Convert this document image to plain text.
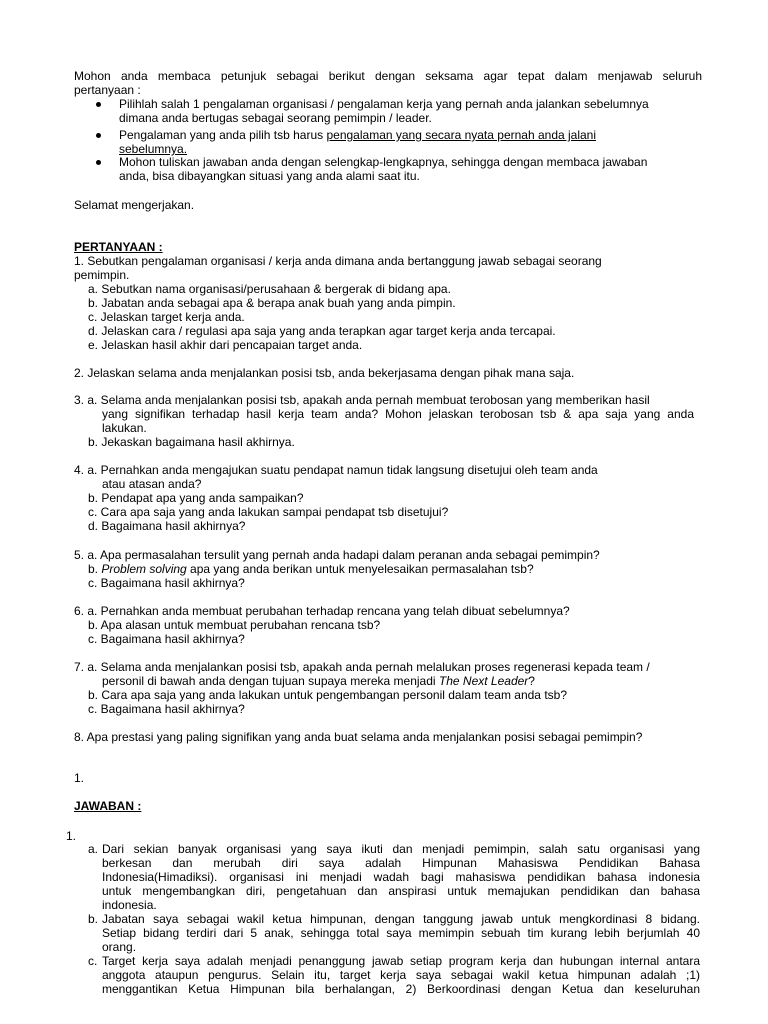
Mohon anda membaca petunjuk sebagai berikut dengan seksama agar tepat dalam menjawab seluruh
pertanyaan :
Pilihlah salah 1 pengalaman organisasi / pengalaman kerja yang pernah anda jalankan sebelumnya
dimana anda bertugas sebagai seorang pemimpin / leader.
Pengalaman yang anda pilih tsb harus pengalaman yang secara nyata pernah anda jalani
sebelumnya.
Mohon tuliskan jawaban anda dengan selengkap-lengkapnya, sehingga dengan membaca jawaban
anda, bisa dibayangkan situasi yang anda alami saat itu.
Selamat mengerjakan.
PERTANYAAN :
1. Sebutkan pengalaman organisasi / kerja anda dimana anda bertanggung jawab sebagai seorang
pemimpin.
a. Sebutkan nama organisasi/perusahaan & bergerak di bidang apa.
b. Jabatan anda sebagai apa & berapa anak buah yang anda pimpin.
c. Jelaskan target kerja anda.
d. Jelaskan cara / regulasi apa saja yang anda terapkan agar target kerja anda tercapai.
e. Jelaskan hasil akhir dari pencapaian target anda.
2. Jelaskan selama anda menjalankan posisi tsb, anda bekerjasama dengan pihak mana saja.
3. a. Selama anda menjalankan posisi tsb, apakah anda pernah membuat terobosan yang memberikan hasil
yang signifikan terhadap hasil kerja team anda? Mohon jelaskan terobosan tsb & apa saja yang anda
lakukan.
b. Jekaskan bagaimana hasil akhirnya.
4. a. Pernahkan anda mengajukan suatu pendapat namun tidak langsung disetujui oleh team anda
atau atasan anda?
b. Pendapat apa yang anda sampaikan?
c. Cara apa saja yang anda lakukan sampai pendapat tsb disetujui?
d. Bagaimana hasil akhirnya?
5. a. Apa permasalahan tersulit yang pernah anda hadapi dalam peranan anda sebagai pemimpin?
b. Problem solving apa yang anda berikan untuk menyelesaikan permasalahan tsb?
c. Bagaimana hasil akhirnya?
6. a. Pernahkan anda membuat perubahan terhadap rencana yang telah dibuat sebelumnya?
b. Apa alasan untuk membuat perubahan rencana tsb?
c. Bagaimana hasil akhirnya?
7. a. Selama anda menjalankan posisi tsb, apakah anda pernah melalukan proses regenerasi kepada team /
personil di bawah anda dengan tujuan supaya mereka menjadi The Next Leader?
b. Cara apa saja yang anda lakukan untuk pengembangan personil dalam team anda tsb?
c. Bagaimana hasil akhirnya?
8. Apa prestasi yang paling signifikan yang anda buat selama anda menjalankan posisi sebagai pemimpin?
1.
JAWABAN :
1.
a. Dari sekian banyak organisasi yang saya ikuti dan menjadi pemimpin, salah satu organisasi yang
berkesan dan merubah diri saya adalah Himpunan Mahasiswa Pendidikan Bahasa
Indonesia(Himadiksi). organisasi ini menjadi wadah bagi mahasiswa pendidikan bahasa indonesia
untuk mengembangkan diri, pengetahuan dan anspirasi untuk memajukan pendidikan dan bahasa
indonesia.
b. Jabatan saya sebagai wakil ketua himpunan, dengan tanggung jawab untuk mengkordinasi 8 bidang.
Setiap bidang terdiri dari 5 anak, sehingga total saya memimpin sebuah tim kurang lebih berjumlah 40
orang.
c. Target kerja saya adalah menjadi penanggung jawab setiap program kerja dan hubungan internal antara
anggota ataupun pengurus. Selain itu, target kerja saya sebagai wakil ketua himpunan adalah ;1)
menggantikan Ketua Himpunan bila berhalangan, 2) Berkoordinasi dengan Ketua dan keseluruhan
